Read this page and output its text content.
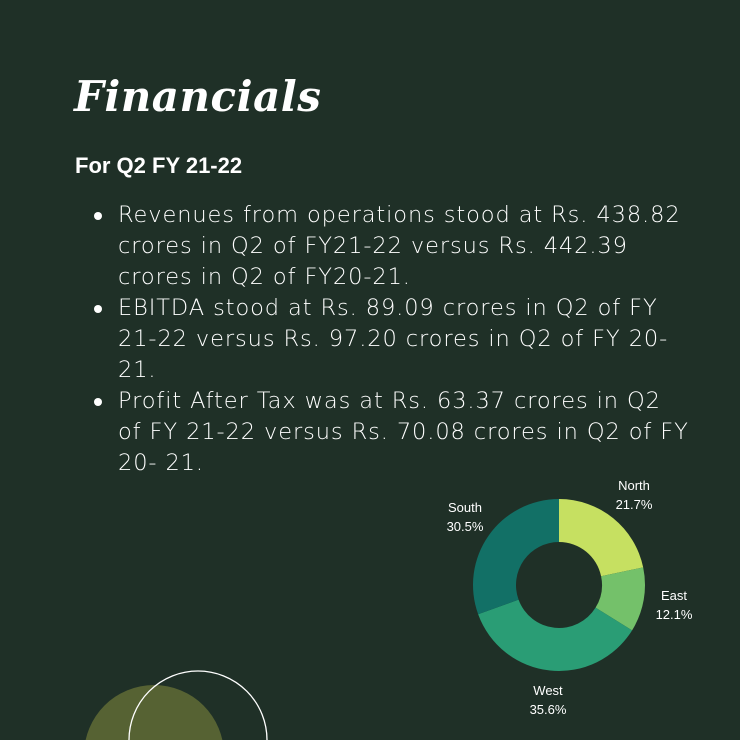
Financials
For Q2 FY 21-22
Revenues from operations stood at Rs. 438.82 crores in Q2 of FY21-22 versus Rs. 442.39 crores in Q2 of FY20-21.
EBITDA stood at Rs. 89.09 crores in Q2 of FY 21-22 versus Rs. 97.20 crores in Q2 of FY 20-21.
Profit After Tax was at Rs. 63.37 crores in Q2 of FY 21-22 versus Rs. 70.08 crores in Q2 of FY 20- 21.
North
21.7%
East
12.1%
West
35.6%
South
30.5%
